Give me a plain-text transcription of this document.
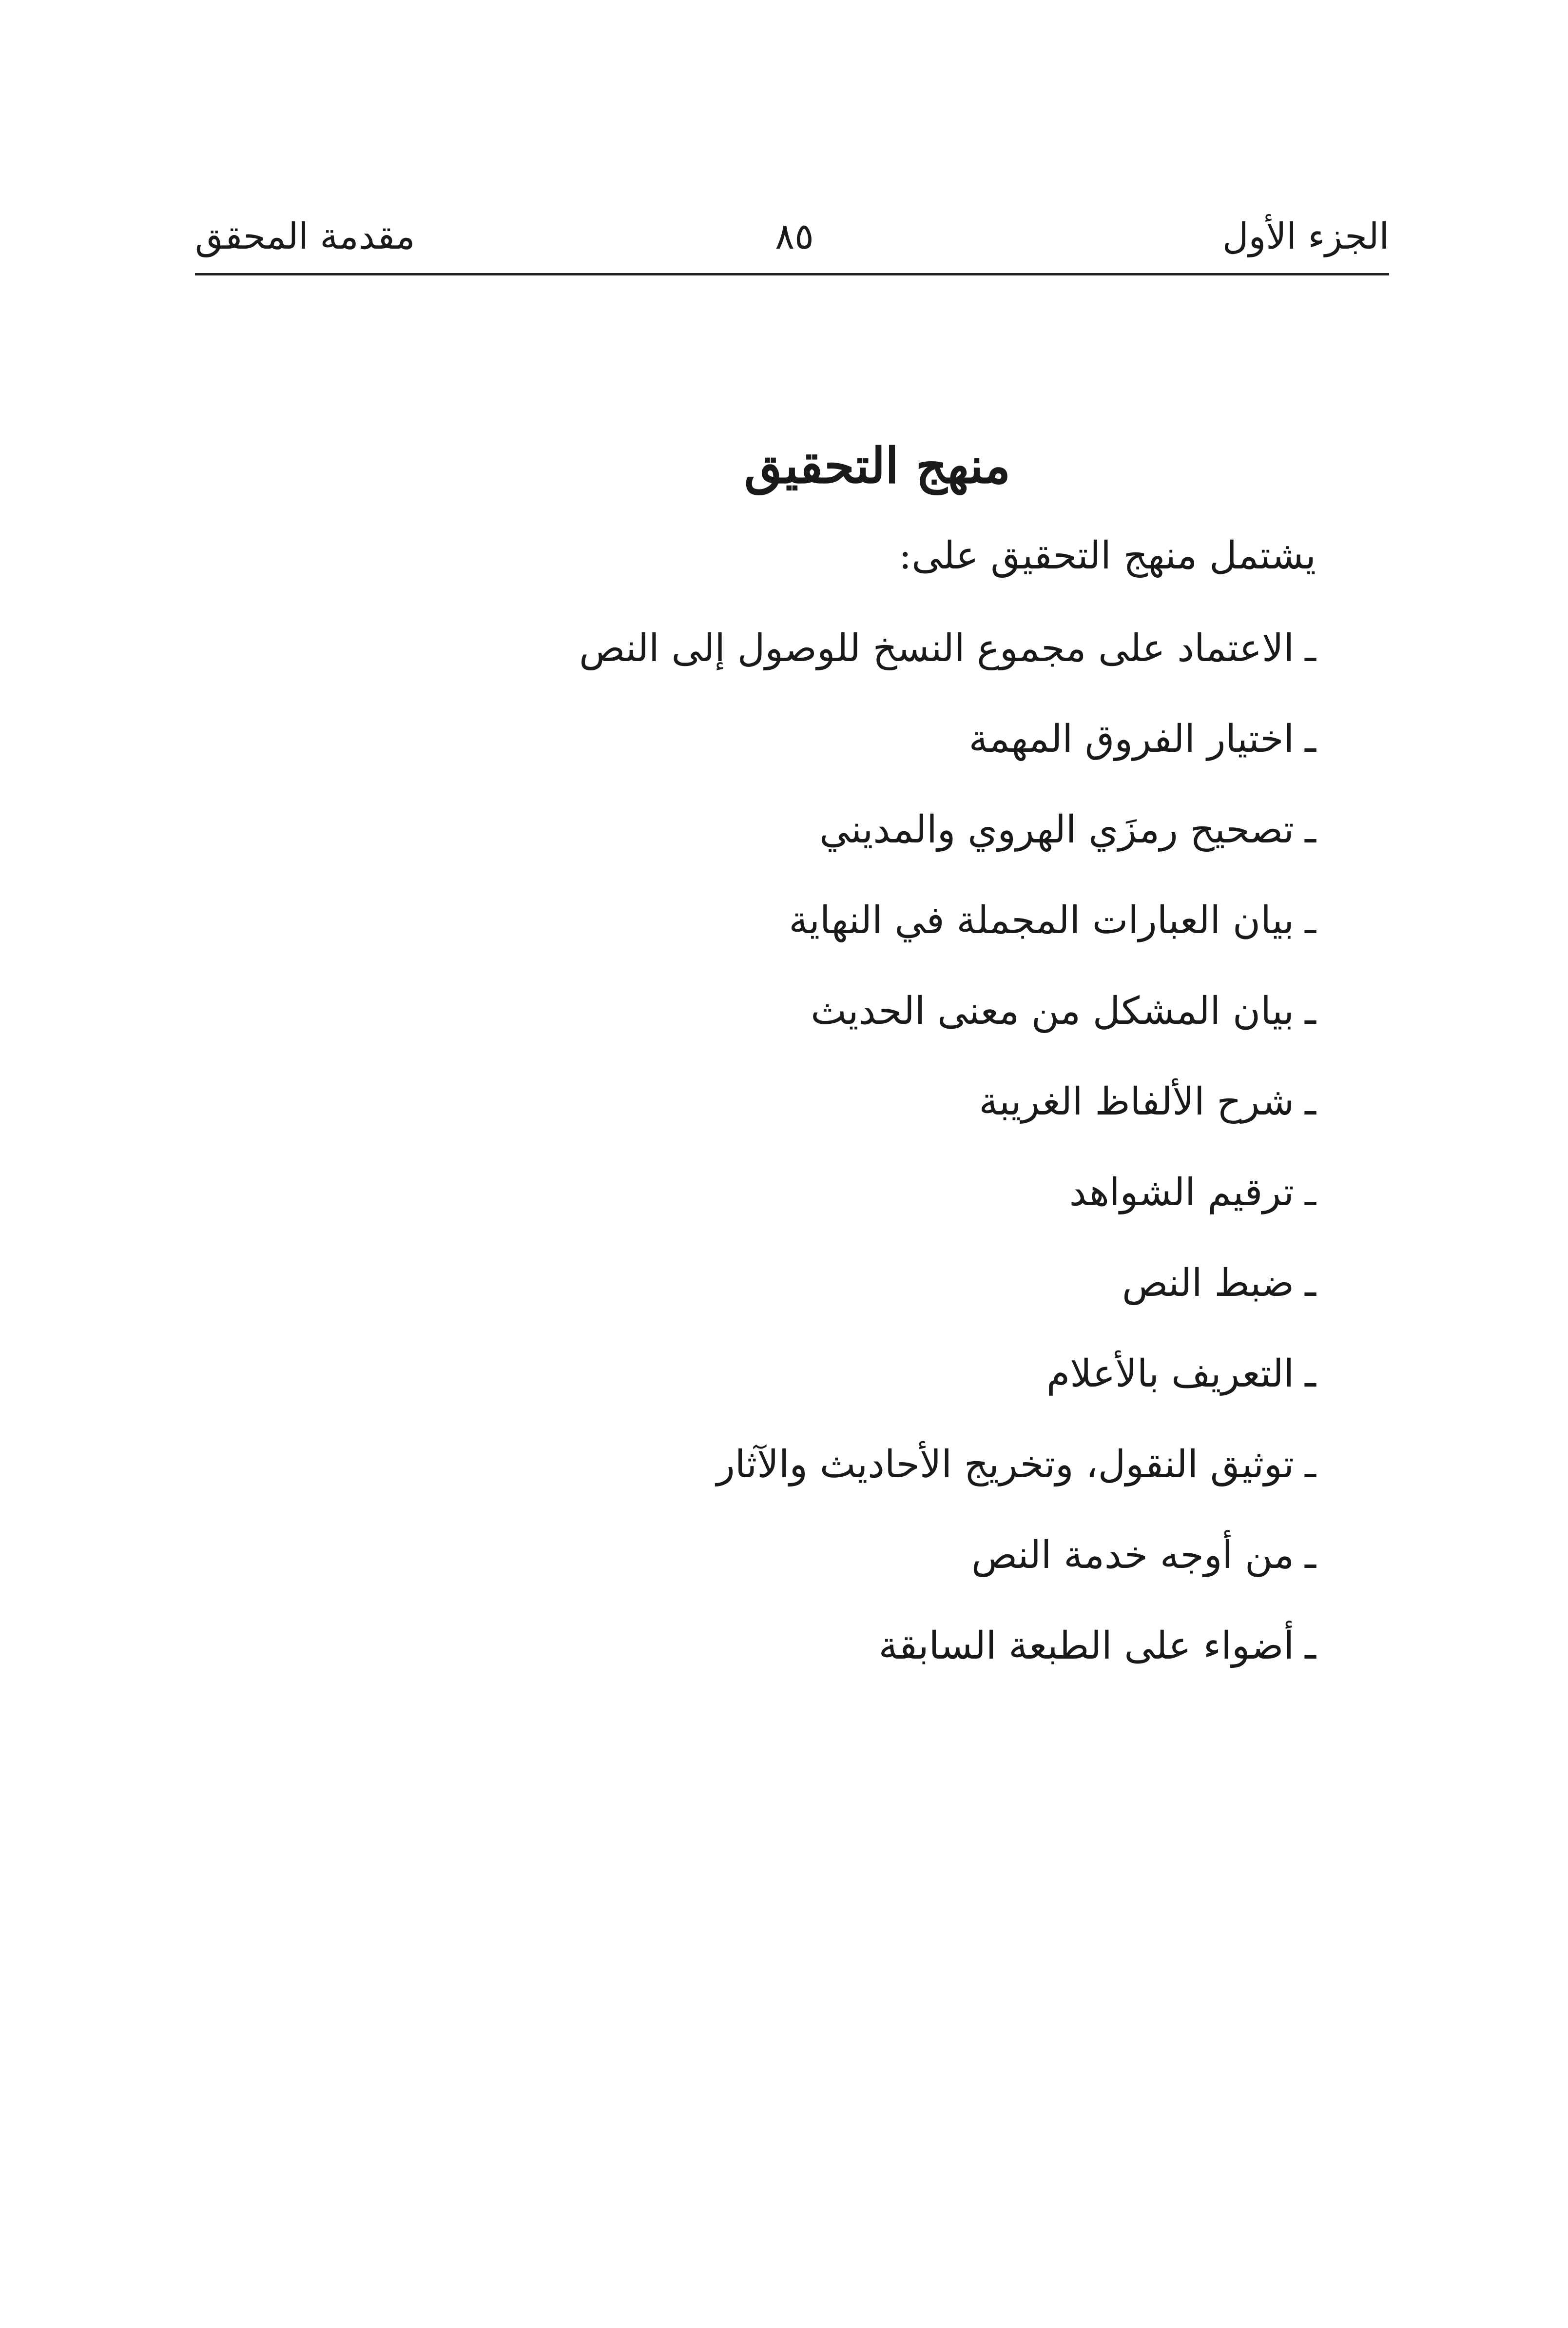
الجزء الأول
٨٥
مقدمة المحقق
منهج التحقيق

يشتمل منهج التحقيق على:

ـالاعتماد على مجموع النسخ للوصول إلى النص
ـاختيار الفروق المهمة
ـتصحيح رمزَي الهروي والمديني
ـبيان العبارات المجملة في النهاية
ـبيان المشكل من معنى الحديث
ـشرح الألفاظ الغريبة
ـترقيم الشواهد
ـضبط النص
ـالتعريف بالأعلام
ـتوثيق النقول، وتخريج الأحاديث والآثار
ـمن أوجه خدمة النص
ـأضواء على الطبعة السابقة
